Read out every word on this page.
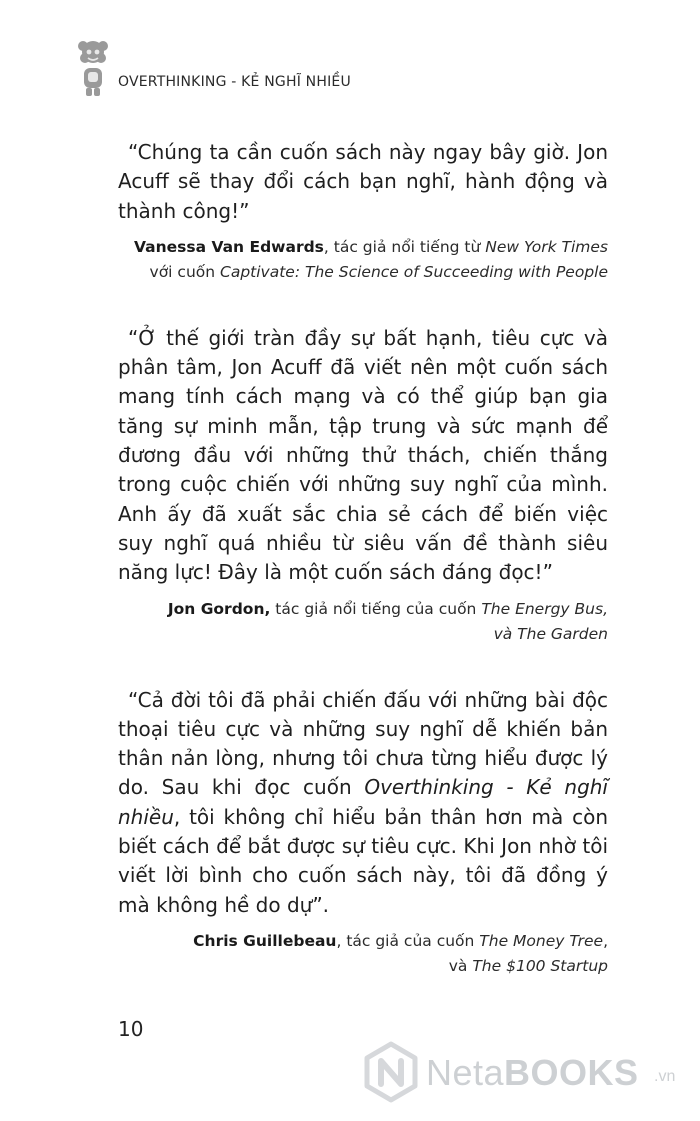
OVERTHINKING - KẺ NGHĨ NHIỀU

“Chúng ta cần cuốn sách này ngay bây giờ. Jon Acuff sẽ thay đổi cách bạn nghĩ, hành động và thành công!”

Vanessa Van Edwards, tác giả nổi tiếng từ New York Times
với cuốn Captivate: The Science of Succeeding with People

“Ở thế giới tràn đầy sự bất hạnh, tiêu cực và phân tâm, Jon Acuff đã viết nên một cuốn sách mang tính cách mạng và có thể giúp bạn gia tăng sự minh mẫn, tập trung và sức mạnh để đương đầu với những thử thách, chiến thắng trong cuộc chiến với những suy nghĩ của mình. Anh ấy đã xuất sắc chia sẻ cách để biến việc suy nghĩ quá nhiều từ siêu vấn đề thành siêu năng lực! Đây là một cuốn sách đáng đọc!”

Jon Gordon, tác giả nổi tiếng của cuốn The Energy Bus,
và The Garden

“Cả đời tôi đã phải chiến đấu với những bài độc thoại tiêu cực và những suy nghĩ dễ khiến bản thân nản lòng, nhưng tôi chưa từng hiểu được lý do. Sau khi đọc cuốn Overthinking - Kẻ nghĩ nhiều, tôi không chỉ hiểu bản thân hơn mà còn biết cách để bắt được sự tiêu cực. Khi Jon nhờ tôi viết lời bình cho cuốn sách này, tôi đã đồng ý mà không hề do dự”.

Chris Guillebeau, tác giả của cuốn The Money Tree,
và The $100 Startup
10
NetaBOOKS .vn
